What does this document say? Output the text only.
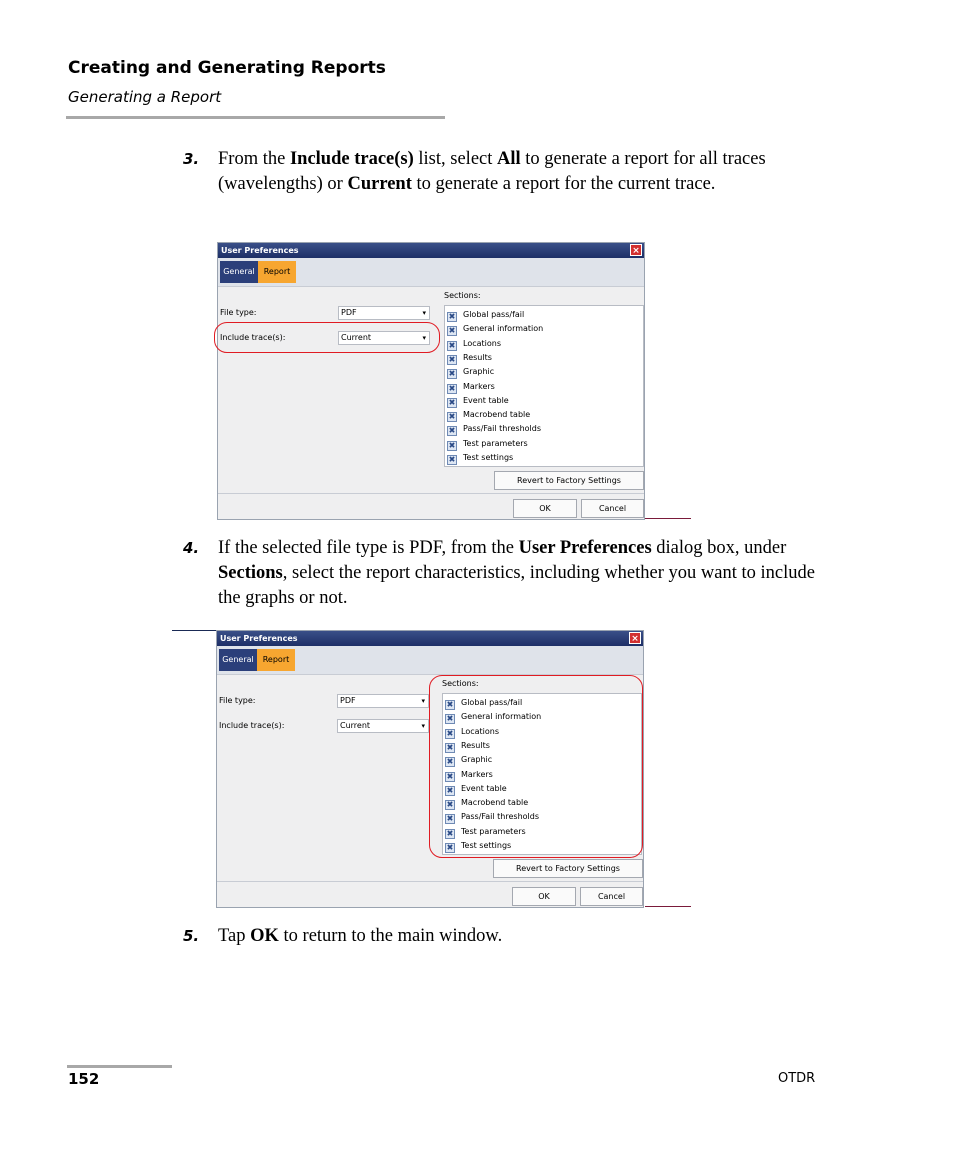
Creating and Generating Reports
Generating a Report
3. From the Include trace(s) list, select All to generate a report for all traces (wavelengths) or Current to generate a report for the current trace.

User Preferences	×
General	Report
File type:	PDF	▾
Include trace(s):	Current	▾
Sections:
✖ Global pass/fail
✖ General information
✖ Locations
✖ Results
✖ Graphic
✖ Markers
✖ Event table
✖ Macrobend table
✖ Pass/Fail thresholds
✖ Test parameters
✖ Test settings
Revert to Factory Settings
OK	Cancel
4. If the selected file type is PDF, from the User Preferences dialog box, under Sections, select the report characteristics, including whether you want to include the graphs or not.

User Preferences	×
General	Report
File type:	PDF	▾
Include trace(s):	Current	▾
Sections:
✖ Global pass/fail
✖ General information
✖ Locations
✖ Results
✖ Graphic
✖ Markers
✖ Event table
✖ Macrobend table
✖ Pass/Fail thresholds
✖ Test parameters
✖ Test settings
Revert to Factory Settings
OK	Cancel
5. Tap OK to return to the main window.

152	OTDR
